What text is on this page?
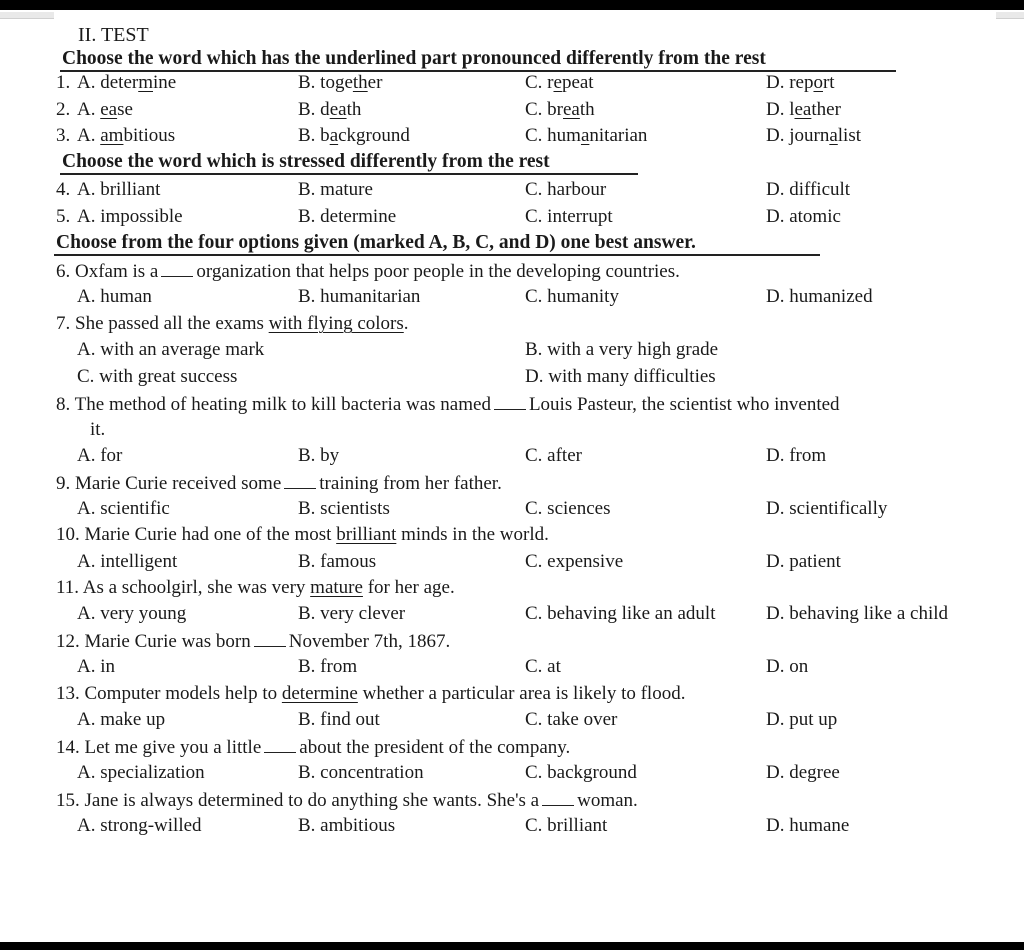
II. TEST
Choose the word which has the underlined part pronounced differently from the rest
1. A. determine	B. together	C. repeat	D. report
2. A. ease	B. death	C. breath	D. leather
3. A. ambitious	B. background	C. humanitarian	D. journalist
Choose the word which is stressed differently from the rest
4. A. brilliant	B. mature	C. harbour	D. difficult
5. A. impossible	B. determine	C. interrupt	D. atomic
Choose from the four options given (marked A, B, C, and D) one best answer.
6. Oxfam is a organization that helps poor people in the developing countries.
A. human	B. humanitarian	C. humanity	D. humanized
7. She passed all the exams with flying colors.
A. with an average mark	B. with a very high grade
C. with great success	D. with many difficulties
8. The method of heating milk to kill bacteria was named Louis Pasteur, the scientist who invented
it.
A. for	B. by	C. after	D. from
9. Marie Curie received some training from her father.
A. scientific	B. scientists	C. sciences	D. scientifically
10. Marie Curie had one of the most brilliant minds in the world.
A. intelligent	B. famous	C. expensive	D. patient
11. As a schoolgirl, she was very mature for her age.
A. very young	B. very clever	C. behaving like an adult	D. behaving like a child
12. Marie Curie was born November 7th, 1867.
A. in	B. from	C. at	D. on
13. Computer models help to determine whether a particular area is likely to flood.
A. make up	B. find out	C. take over	D. put up
14. Let me give you a little about the president of the company.
A. specialization	B. concentration	C. background	D. degree
15. Jane is always determined to do anything she wants. She's a woman.
A. strong-willed	B. ambitious	C. brilliant	D. humane
